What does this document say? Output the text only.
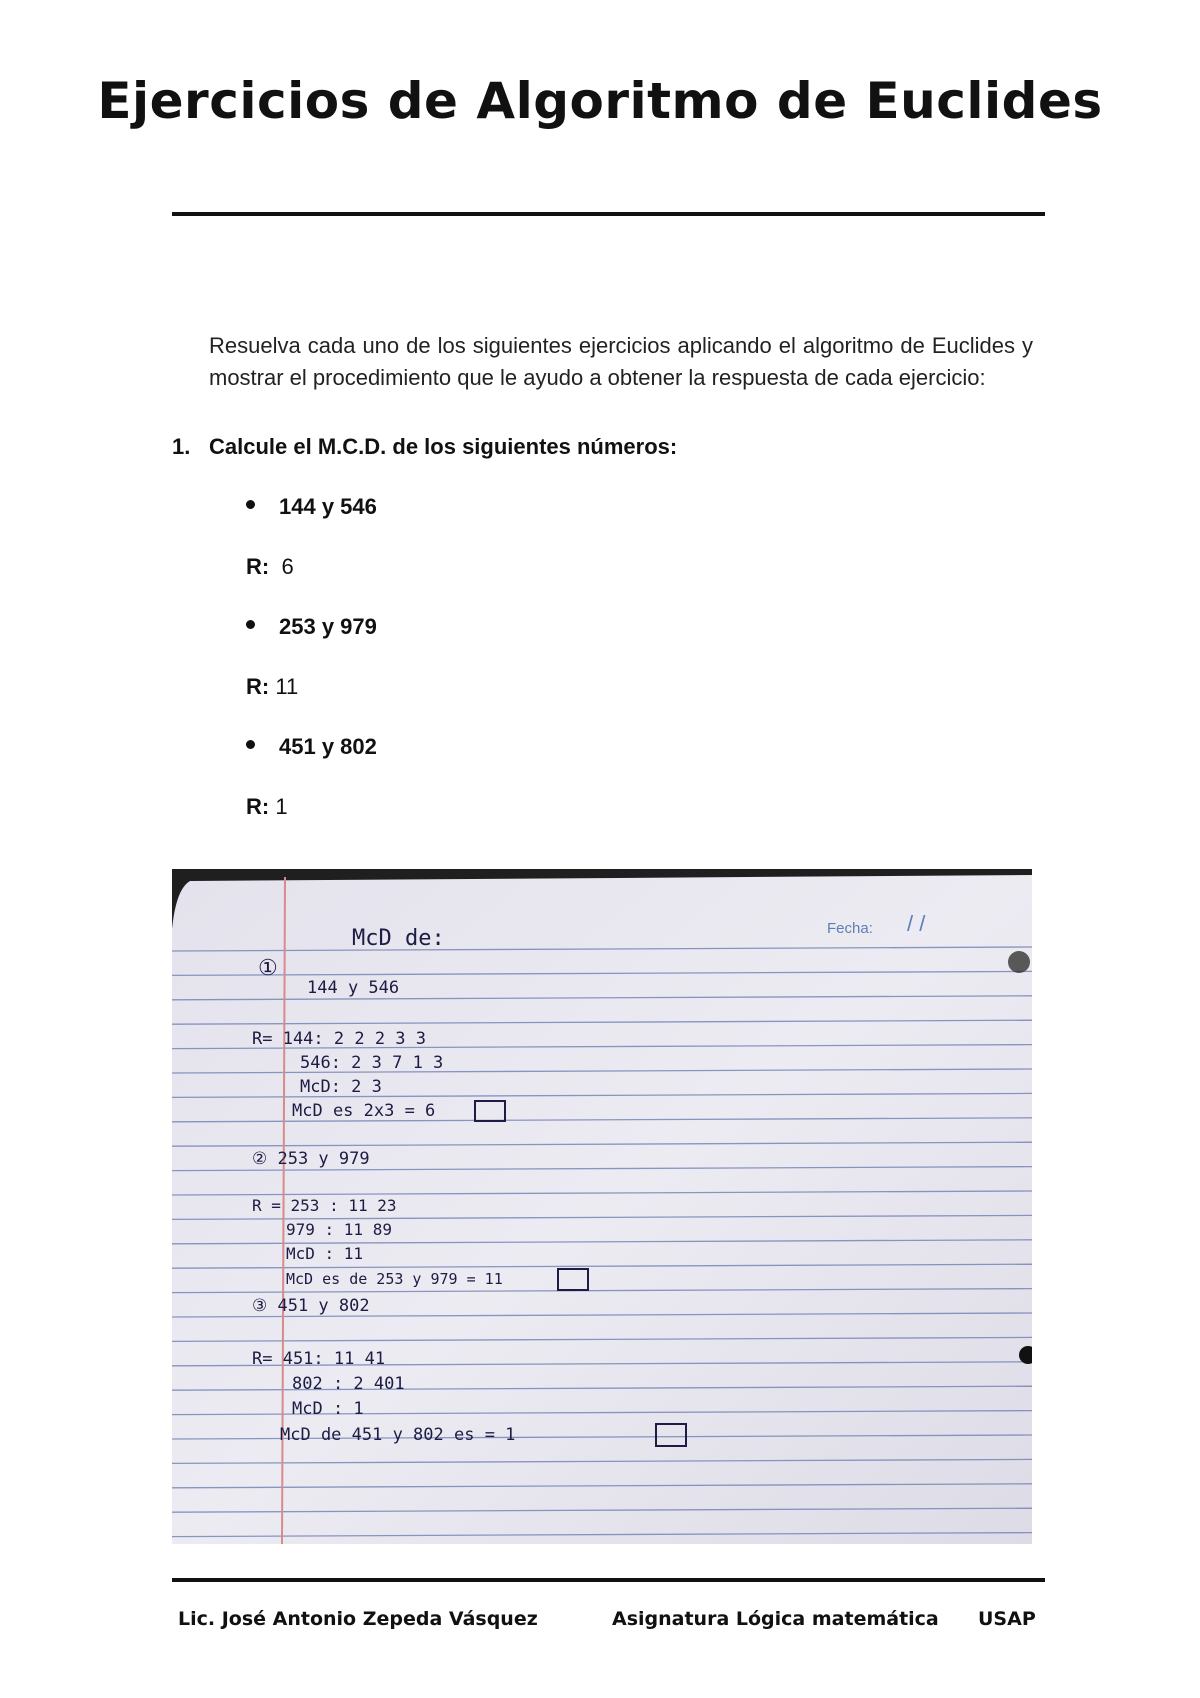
Ejercicios de Algoritmo de Euclides

Resuelva cada uno de los siguientes ejercicios aplicando el algoritmo de Euclides y mostrar el procedimiento que le ayudo a obtener la respuesta de cada ejercicio:

1. Calcule el M.C.D. de los siguientes números:
144 y 546
R: 6
253 y 979
R: 11
451 y 802
R: 1
Fecha: / /
McD de:
①
144 y 546
R= 144: 2 2 2 3 3
546: 2 3 7 1 3
McD: 2 3
McD es 2x3 = 6
② 253 y 979
R = 253 : 11 23
979 : 11 89
McD : 11
McD es de 253 y 979 = 11
③ 451 y 802
R= 451: 11 41
802 : 2 401
McD : 1
McD de 451 y 802 es = 1
Lic. José Antonio Zepeda Vásquez	Asignatura Lógica matemática USAP
